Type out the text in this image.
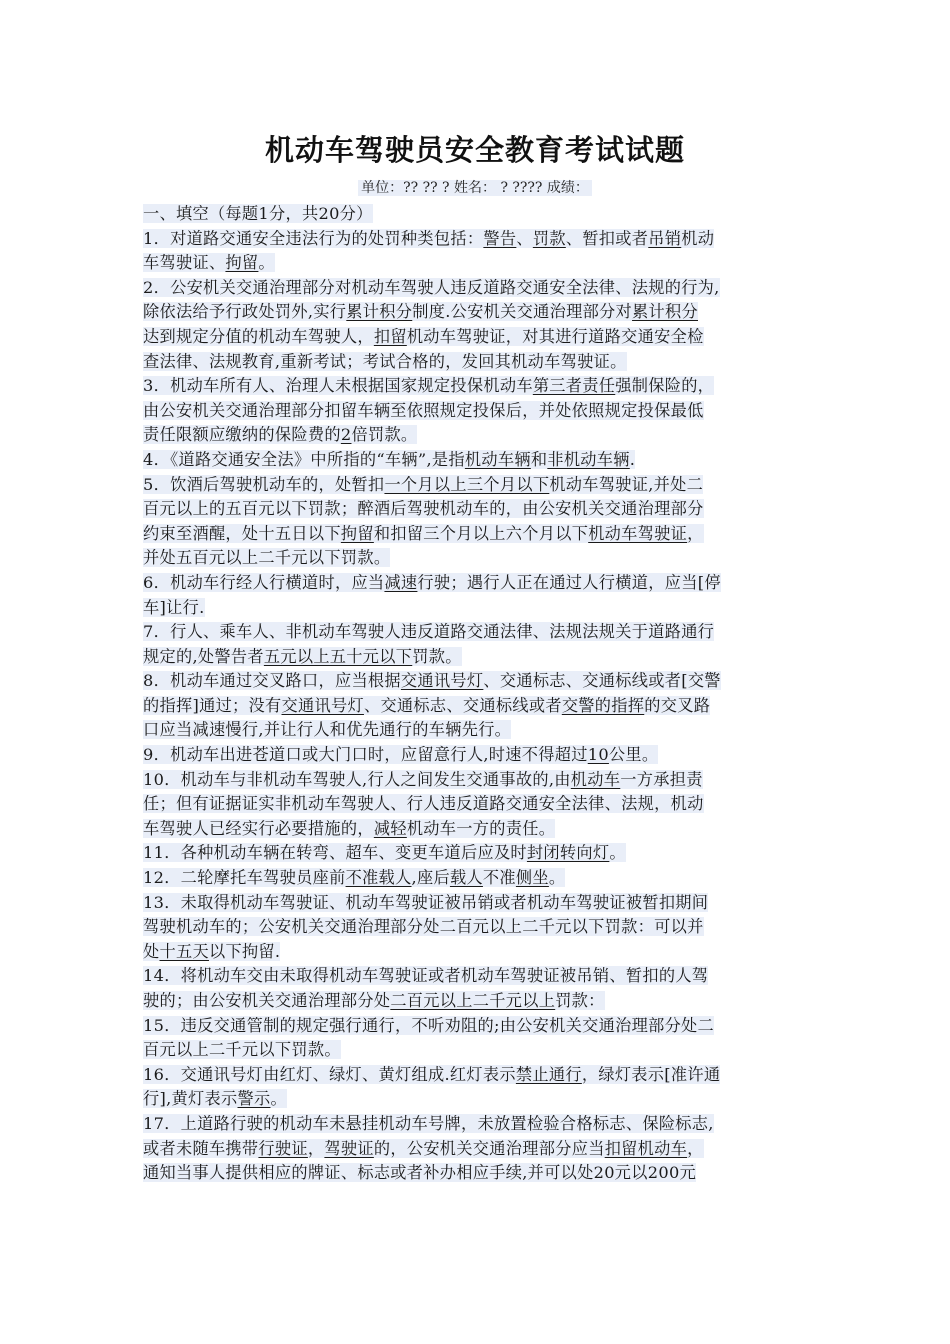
机动车驾驶员安全教育考试试题
单位：?? ?? ? 姓名： ? ???? 成绩：
一、填空（每题1分，共20分）
1．对道路交通安全违法行为的处罚种类包括：警告、罚款、暂扣或者吊销机动
车驾驶证、拘留。
2．公安机关交通治理部分对机动车驾驶人违反道路交通安全法律、法规的行为,
除依法给予行政处罚外,实行累计积分制度.公安机关交通治理部分对累计积分
达到规定分值的机动车驾驶人，扣留机动车驾驶证，对其进行道路交通安全检
查法律、法规教育,重新考试；考试合格的，发回其机动车驾驶证。
3．机动车所有人、治理人未根据国家规定投保机动车第三者责任强制保险的，
由公安机关交通治理部分扣留车辆至依照规定投保后，并处依照规定投保最低
责任限额应缴纳的保险费的2倍罚款。
4．《道路交通安全法》中所指的“车辆”,是指机动车辆和非机动车辆.
5．饮酒后驾驶机动车的，处暂扣一个月以上三个月以下机动车驾驶证,并处二
百元以上的五百元以下罚款；醉酒后驾驶机动车的，由公安机关交通治理部分
约束至酒醒，处十五日以下拘留和扣留三个月以上六个月以下机动车驾驶证，
并处五百元以上二千元以下罚款。
6．机动车行经人行横道时，应当减速行驶；遇行人正在通过人行横道，应当[停
车]让行.
7．行人、乘车人、非机动车驾驶人违反道路交通法律、法规法规关于道路通行
规定的,处警告者五元以上五十元以下罚款。
8．机动车通过交叉路口，应当根据交通讯号灯、交通标志、交通标线或者[交警
的指挥]通过；没有交通讯号灯、交通标志、交通标线或者交警的指挥的交叉路
口应当减速慢行,并让行人和优先通行的车辆先行。
9．机动车出进苍道口或大门口时，应留意行人,时速不得超过10公里。
10．机动车与非机动车驾驶人,行人之间发生交通事故的,由机动车一方承担责
任；但有证据证实非机动车驾驶人、行人违反道路交通安全法律、法规，机动
车驾驶人已经实行必要措施的，减轻机动车一方的责任。
11．各种机动车辆在转弯、超车、变更车道后应及时封闭转向灯。
12．二轮摩托车驾驶员座前不准载人,座后载人不准侧坐。
13．未取得机动车驾驶证、机动车驾驶证被吊销或者机动车驾驶证被暂扣期间
驾驶机动车的；公安机关交通治理部分处二百元以上二千元以下罚款：可以并
处十五天以下拘留.
14．将机动车交由未取得机动车驾驶证或者机动车驾驶证被吊销、暂扣的人驾
驶的；由公安机关交通治理部分处二百元以上二千元以上罚款：
15．违反交通管制的规定强行通行，不听劝阻的;由公安机关交通治理部分处二
百元以上二千元以下罚款。
16．交通讯号灯由红灯、绿灯、黄灯组成.红灯表示禁止通行，绿灯表示[准许通
行],黄灯表示警示。
17．上道路行驶的机动车未悬挂机动车号牌，未放置检验合格标志、保险标志,
或者未随车携带行驶证，驾驶证的，公安机关交通治理部分应当扣留机动车，
通知当事人提供相应的牌证、标志或者补办相应手续,并可以处20元以200元
